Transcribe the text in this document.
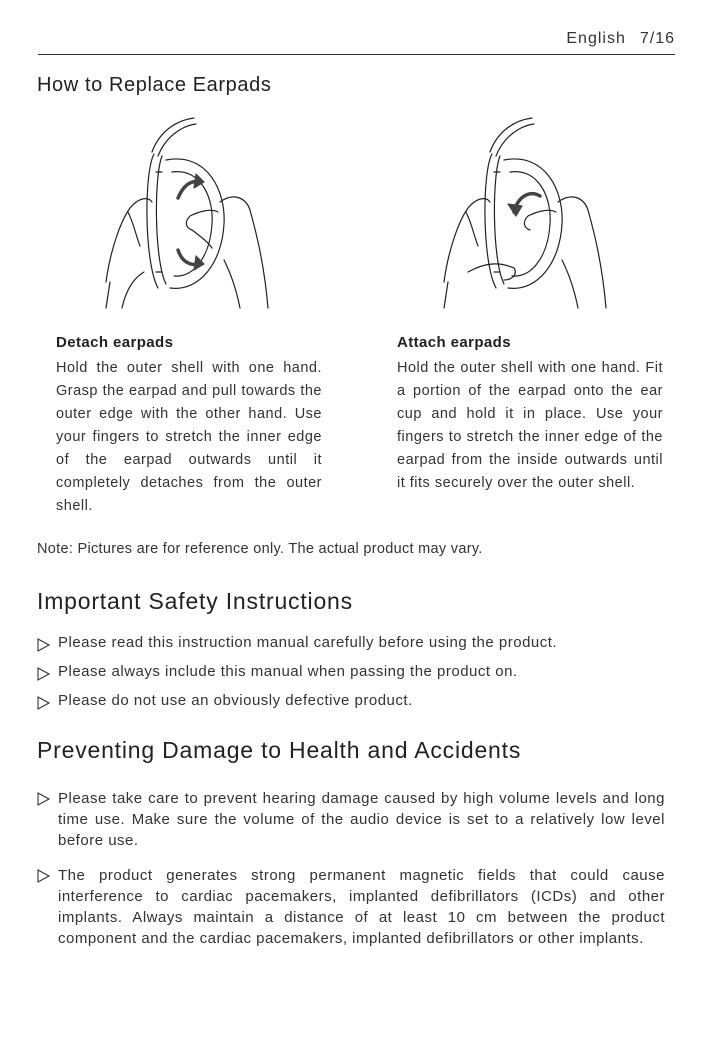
English 7/16
How to Replace Earpads
Detach earpads

Hold the outer shell with one hand. Grasp the earpad and pull towards the outer edge with the other hand. Use your fingers to stretch the inner edge of the earpad outwards until it completely detaches from the outer shell.

Attach earpads

Hold the outer shell with one hand. Fit a portion of the earpad onto the ear cup and hold it in place. Use your fingers to stretch the inner edge of the earpad from the inside outwards until it fits securely over the outer shell.

Note: Pictures are for reference only. The actual product may vary.
Important Safety Instructions
Please read this instruction manual carefully before using the product.
Please always include this manual when passing the product on.
Please do not use an obviously defective product.
Preventing Damage to Health and Accidents
Please take care to prevent hearing damage caused by high volume levels and long time use. Make sure the volume of the audio device is set to a relatively low level before use.
The product generates strong permanent magnetic fields that could cause interference to cardiac pacemakers, implanted defibrillators (ICDs) and other implants. Always maintain a distance of at least 10 cm between the product component and the cardiac pacemakers, implanted defibrillators or other implants.
